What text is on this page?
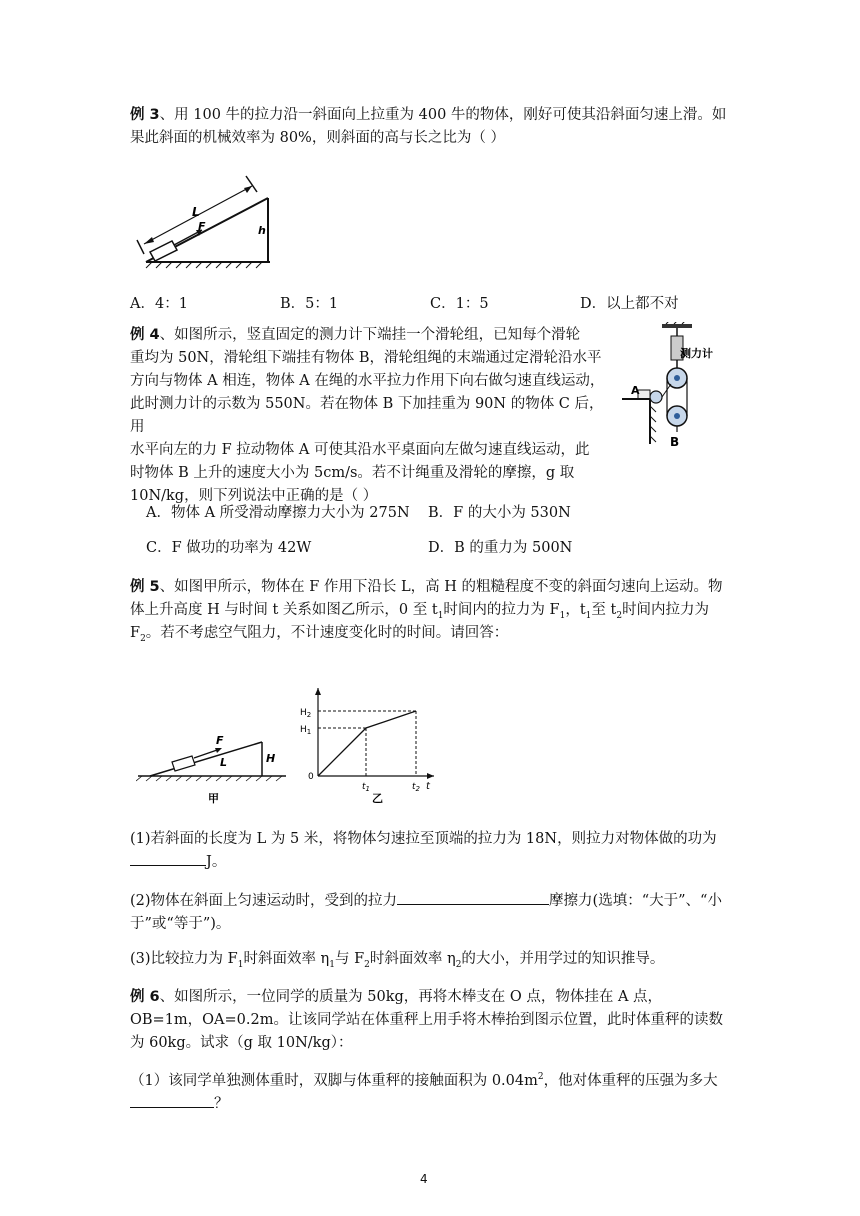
例 3、用 100 牛的拉力沿一斜面向上拉重为 400 牛的物体，刚好可使其沿斜面匀速上滑。如果此斜面的机械效率为 80%，则斜面的高与长之比为（ ）

L
F	h
A．4：1	B．5：1	C．1：5	D．以上都不对
例 4、如图所示，竖直固定的测力计下端挂一个滑轮组，已知每个滑轮
重均为 50N，滑轮组下端挂有物体 B，滑轮组绳的末端通过定滑轮沿水平
方向与物体 A 相连，物体 A 在绳的水平拉力作用下向右做匀速直线运动，
此时测力计的示数为 550N。若在物体 B 下加挂重为 90N 的物体 C 后，用
水平向左的力 F 拉动物体 A 可使其沿水平桌面向左做匀速直线运动，此
时物体 B 上升的速度大小为 5cm/s。若不计绳重及滑轮的摩擦，g 取
10N/kg，则下列说法中正确的是（ ）
测力计
A
B
A．物体 A 所受滑动摩擦力大小为 275N B．F 的大小为 530N
C．F 做功的功率为 42W	D．B 的重力为 500N

例 5、如图甲所示，物体在 F 作用下沿长 L，高 H 的粗糙程度不变的斜面匀速向上运动。物体上升高度 H 与时间 t 关系如图乙所示，0 至 $t_1$时间内的拉力为 $F_1$，$t_1$至 $t_2$时间内拉力为 $F_2$。若不考虑空气阻力，不计速度变化时的时间。请回答：

F
L	H
甲
$H_2$
$H_1$
0
$t_1$	$t_2$ t
乙

(1)若斜面的长度为 L 为 5 米，将物体匀速拉至顶端的拉力为 18N，则拉力对物体做的功为
J。

(2)物体在斜面上匀速运动时，受到的拉力	摩擦力(选填：“大于”、“小于”或“等于”)。

(3)比较拉力为 $F_1$时斜面效率 $\eta_1$与 $F_2$时斜面效率 $\eta_2$的大小，并用学过的知识推导。

例 6、如图所示，一位同学的质量为 50kg，再将木棒支在 O 点，物体挂在 A 点，OB=1m，OA=0.2m。让该同学站在体重秤上用手将木棒抬到图示位置，此时体重秤的读数为 60kg。试求（g 取 10N/kg）：

（1）该同学单独测体重时，双脚与体重秤的接触面积为 $0.04m^2$，他对体重秤的压强为多大
？

4
